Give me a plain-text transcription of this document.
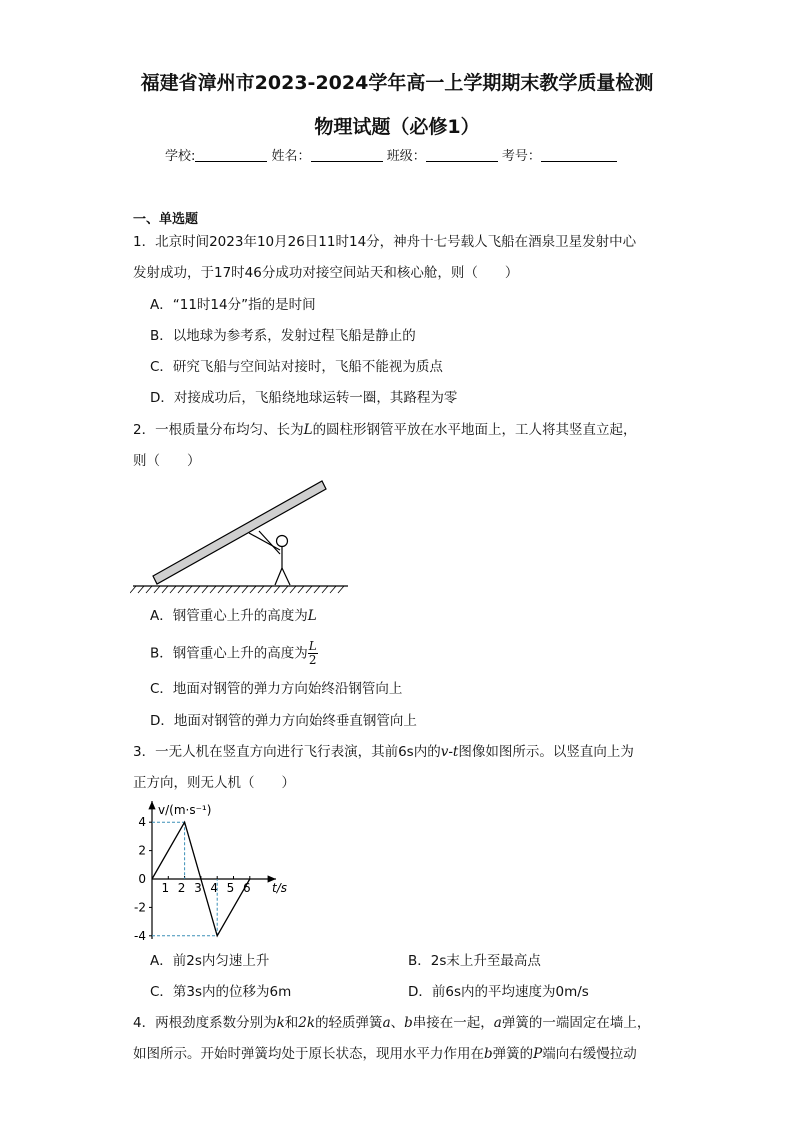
福建省漳州市2023-2024学年高一上学期期末教学质量检测
物理试题（必修1）
学校:	姓名：	班级：	考号：
一、单选题
1．北京时间2023年10月26日11时14分，神舟十七号载人飞船在酒泉卫星发射中心
发射成功，于17时46分成功对接空间站天和核心舱，则（　　）
A．“11时14分”指的是时间
B．以地球为参考系，发射过程飞船是静止的
C．研究飞船与空间站对接时，飞船不能视为质点
D．对接成功后，飞船绕地球运转一圈，其路程为零
2．一根质量分布均匀、长为L的圆柱形钢管平放在水平地面上，工人将其竖直立起，
则（　　）
A．钢管重心上升的高度为L
B．钢管重心上升的高度为 $\frac{L}{2}$
C．地面对钢管的弹力方向始终沿钢管向上
D．地面对钢管的弹力方向始终垂直钢管向上
3．一无人机在竖直方向进行飞行表演，其前6s内的v-t图像如图所示。以竖直向上为
正方向，则无人机（　　）
v/(m·s⁻¹)
t/s
4
2
0
-2
-4
1 2 3 4 5 6
A．前2s内匀速上升	B．2s末上升至最高点
C．第3s内的位移为6m	D．前6s内的平均速度为0m/s
4．两根劲度系数分别为k和2k的轻质弹簧a、b串接在一起，a弹簧的一端固定在墙上，
如图所示。开始时弹簧均处于原长状态，现用水平力作用在b弹簧的P端向右缓慢拉动
